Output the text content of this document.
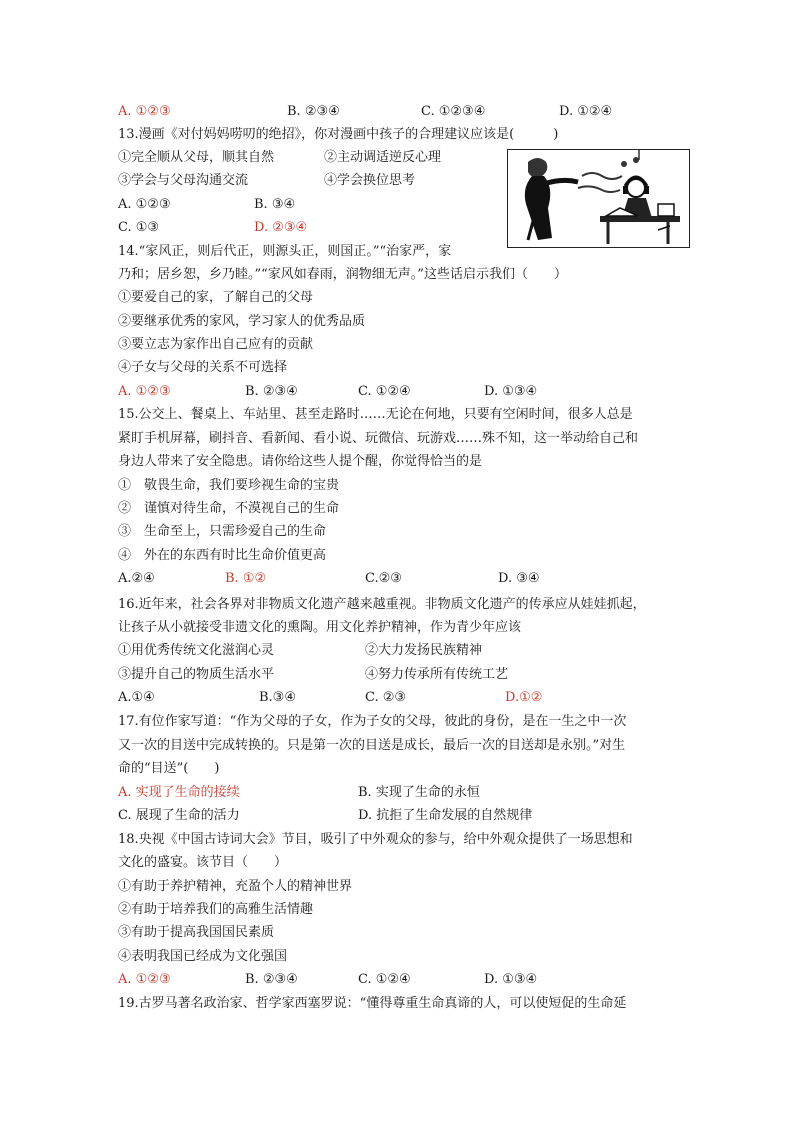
A. ①②③	B. ②③④	C. ①②③④	D. ①②④
13.漫画《对付妈妈唠叨的绝招》，你对漫画中孩子的合理建议应该是(　　　)
①完全顺从父母，顺其自然	②主动调适逆反心理
③学会与父母沟通交流	④学会换位思考
A. ①②③	B. ③④
C. ①③	D. ②③④
14.“家风正，则后代正，则源头正，则国正。”“治家严，家
乃和；居乡恕，乡乃睦。”“家风如春雨，润物细无声。”这些话启示我们（　　）
①要爱自己的家，了解自己的父母
②要继承优秀的家风，学习家人的优秀品质
③要立志为家作出自己应有的贡献
④子女与父母的关系不可选择
A. ①②③	B. ②③④	C. ①②④	D. ①③④
15.公交上、餐桌上、车站里、甚至走路时……无论在何地，只要有空闲时间，很多人总是
紧盯手机屏幕，刷抖音、看新闻、看小说、玩微信、玩游戏……殊不知，这一举动给自己和
身边人带来了安全隐患。请你给这些人提个醒，你觉得恰当的是
①　敬畏生命，我们要珍视生命的宝贵
②　谨慎对待生命，不漠视自己的生命
③　生命至上，只需珍爱自己的生命
④　外在的东西有时比生命价值更高
A.②④	B. ①②	C.②③	D. ③④
16.近年来，社会各界对非物质文化遗产越来越重视。非物质文化遗产的传承应从娃娃抓起，
让孩子从小就接受非遗文化的熏陶。用文化养护精神，作为青少年应该
①用优秀传统文化滋润心灵	②大力发扬民族精神
③提升自己的物质生活水平	④努力传承所有传统工艺
A.①④	B.③④	C. ②③	D.①②
17.有位作家写道：“作为父母的子女，作为子女的父母，彼此的身份，是在一生之中一次
又一次的目送中完成转换的。只是第一次的目送是成长，最后一次的目送却是永别。”对生
命的“目送”(　　)
A. 实现了生命的接续	B. 实现了生命的永恒
C. 展现了生命的活力	D. 抗拒了生命发展的自然规律
18.央视《中国古诗词大会》节目，吸引了中外观众的参与，给中外观众提供了一场思想和
文化的盛宴。该节目（　　）
①有助于养护精神，充盈个人的精神世界
②有助于培养我们的高雅生活情趣
③有助于提高我国国民素质
④表明我国已经成为文化强国
A. ①②③	B. ②③④	C. ①②④	D. ①③④
19.古罗马著名政治家、哲学家西塞罗说：“懂得尊重生命真谛的人，可以使短促的生命延
